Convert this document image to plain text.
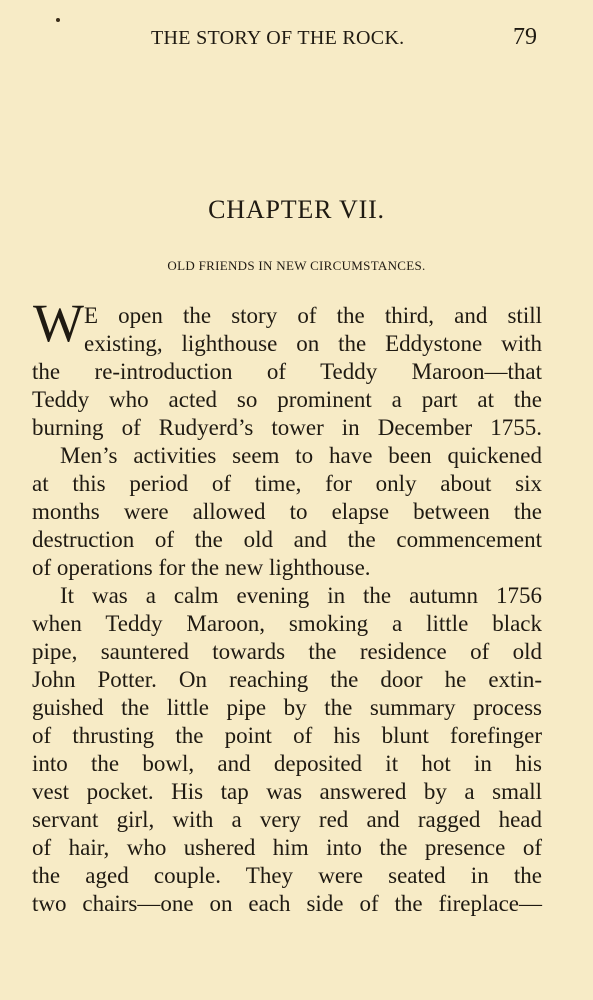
THE STORY OF THE ROCK.	79
CHAPTER VII.
OLD FRIENDS IN NEW CIRCUMSTANCES.
W E open the story of the third, and still
existing, lighthouse on the Eddystone with
the re-introduction of Teddy Maroon—that
Teddy who acted so prominent a part at the
burning of Rudyerd’s tower in December 1755.
Men’s activities seem to have been quickened
at this period of time, for only about six
months were allowed to elapse between the
destruction of the old and the commencement
of operations for the new lighthouse.
It was a calm evening in the autumn 1756
when Teddy Maroon, smoking a little black
pipe, sauntered towards the residence of old
John Potter. On reaching the door he extin-
guished the little pipe by the summary process
of thrusting the point of his blunt forefinger
into the bowl, and deposited it hot in his
vest pocket. His tap was answered by a small
servant girl, with a very red and ragged head
of hair, who ushered him into the presence of
the aged couple. They were seated in the
two chairs—one on each side of the fireplace—
